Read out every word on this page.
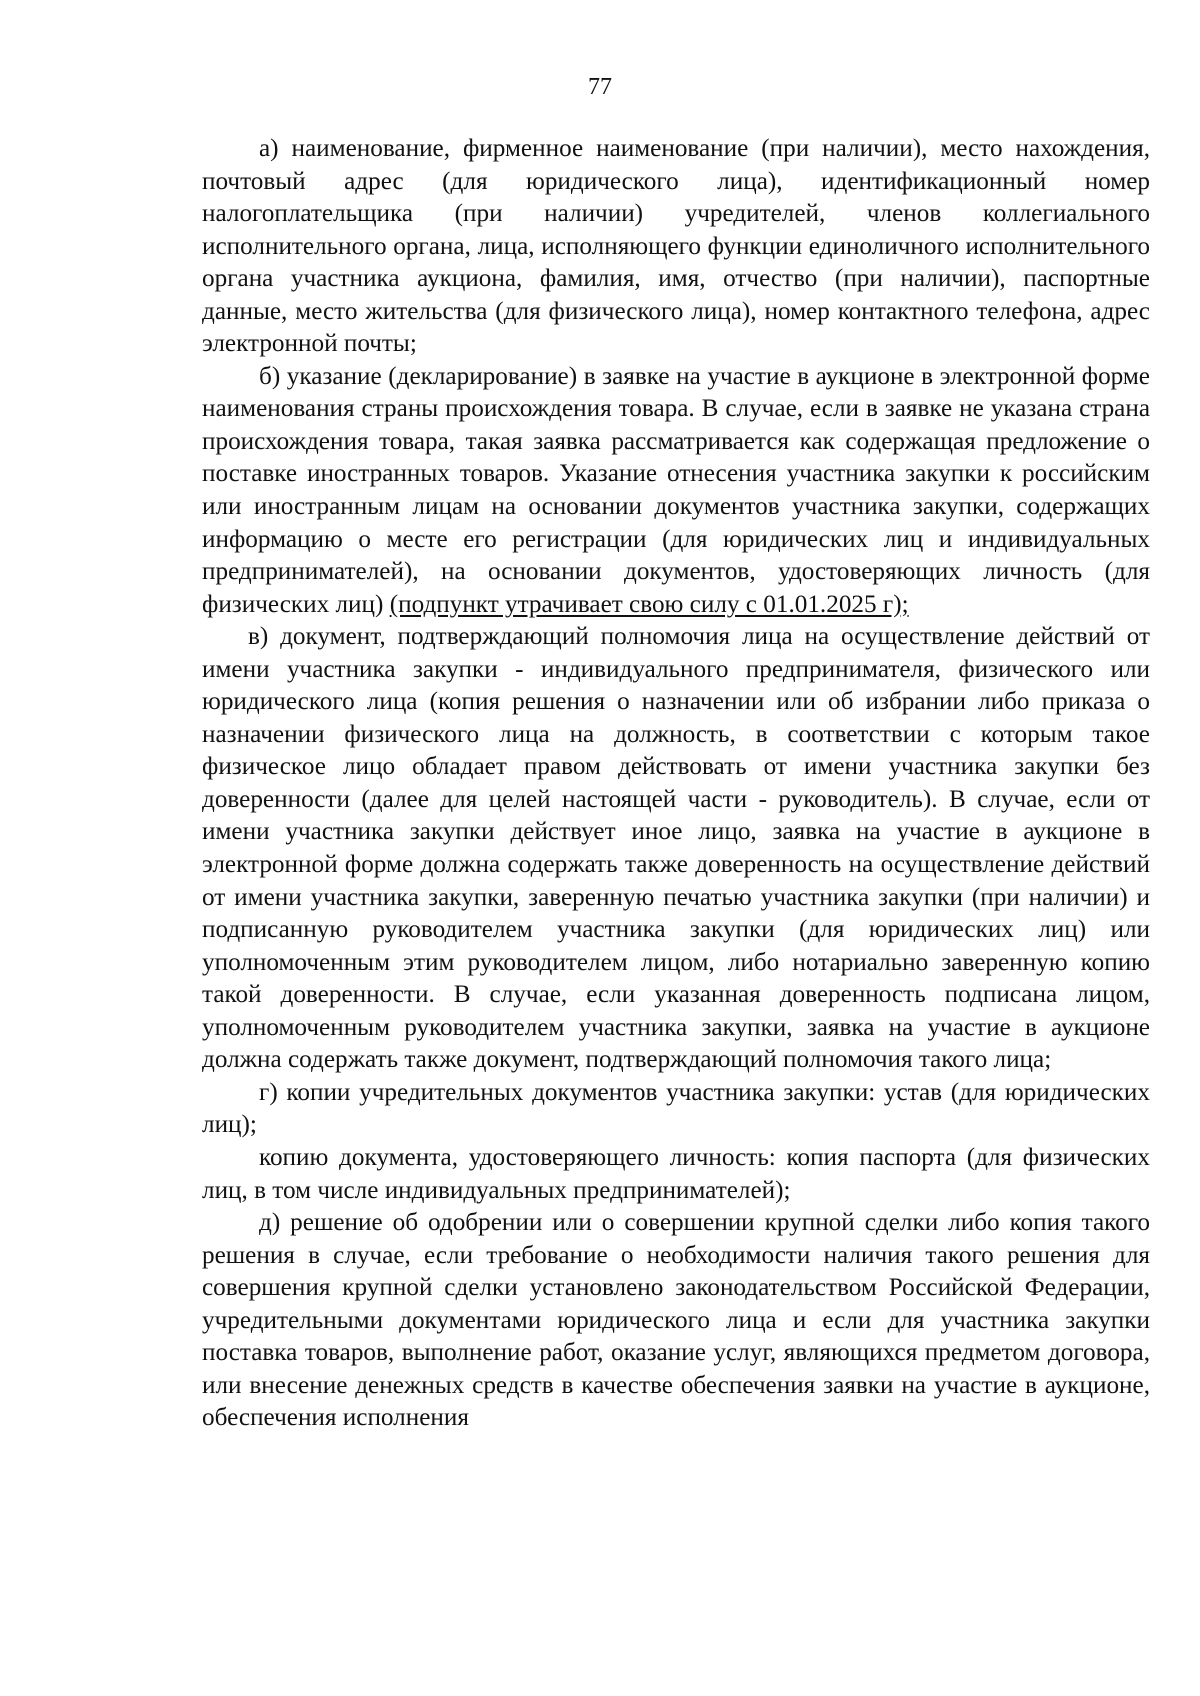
77

а) наименование, фирменное наименование (при наличии), место нахождения, почтовый адрес (для юридического лица), идентификационный номер налогоплательщика (при наличии) учредителей, членов коллегиального исполнительного органа, лица, исполняющего функции единоличного исполнительного органа участника аукциона, фамилия, имя, отчество (при наличии), паспортные данные, место жительства (для физического лица), номер контактного телефона, адрес электронной почты;

б) указание (декларирование) в заявке на участие в аукционе в электронной форме наименования страны происхождения товара. В случае, если в заявке не указана страна происхождения товара, такая заявка рассматривается как содержащая предложение о поставке иностранных товаров. Указание отнесения участника закупки к российским или иностранным лицам на основании документов участника закупки, содержащих информацию о месте его регистрации (для юридических лиц и индивидуальных предпринимателей), на основании документов, удостоверяющих личность (для физических лиц) (подпункт утрачивает свою силу с 01.01.2025 г);

в) документ, подтверждающий полномочия лица на осуществление действий от имени участника закупки - индивидуального предпринимателя, физического или юридического лица (копия решения о назначении или об избрании либо приказа о назначении физического лица на должность, в соответствии с которым такое физическое лицо обладает правом действовать от имени участника закупки без доверенности (далее для целей настоящей части - руководитель). В случае, если от имени участника закупки действует иное лицо, заявка на участие в аукционе в электронной форме должна содержать также доверенность на осуществление действий от имени участника закупки, заверенную печатью участника закупки (при наличии) и подписанную руководителем участника закупки (для юридических лиц) или уполномоченным этим руководителем лицом, либо нотариально заверенную копию такой доверенности. В случае, если указанная доверенность подписана лицом, уполномоченным руководителем участника закупки, заявка на участие в аукционе должна содержать также документ, подтверждающий полномочия такого лица;

г) копии учредительных документов участника закупки: устав (для юридических лиц);

копию документа, удостоверяющего личность: копия паспорта (для физических лиц, в том числе индивидуальных предпринимателей);

д) решение об одобрении или о совершении крупной сделки либо копия такого решения в случае, если требование о необходимости наличия такого решения для совершения крупной сделки установлено законодательством Российской Федерации, учредительными документами юридического лица и если для участника закупки поставка товаров, выполнение работ, оказание услуг, являющихся предметом договора, или внесение денежных средств в качестве обеспечения заявки на участие в аукционе, обеспечения исполнения
